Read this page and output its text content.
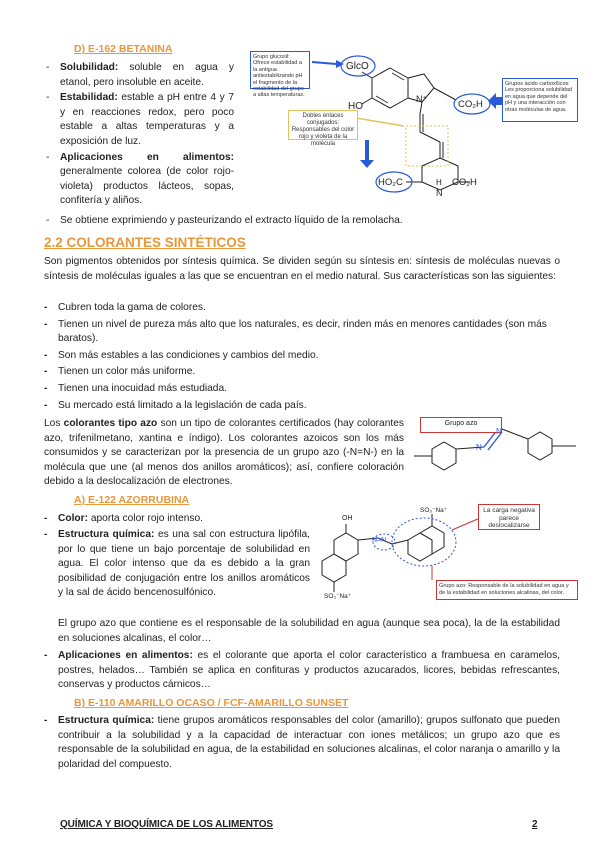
D) E-162 BETANINA
-	Solubilidad: soluble en agua y etanol, pero insoluble en aceite.
-	Estabilidad: estable a pH entre 4 y 7 y en reacciones redox, pero poco estable a altas temperaturas y a exposición de luz.
-	Aplicaciones en alimentos: generalmente colorea (de color rojo-violeta) productos lácteos, sopas, confitería y aliños.
-	Se obtiene exprimiendo y pasteurizando el extracto líquido de la remolacha.
Grupo glucosil: Ofrece estabilidad a la antigua antiestabilizando pH el fragmento de la estabilidad del grupo a altas temperaturas.
Dobles enlaces conjugados: Responsables del color rojo y violeta de la molécula
Grupos ácido carboxílicos: Les proporciona solubilidad en agua que depende del pH y una interacción con otras moléculas de agua.
GlcO
HO
N⁺	CO₂H
HO₂C
N
H CO₂H
2.2 COLORANTES SINTÉTICOS
Son pigmentos obtenidos por síntesis química. Se dividen según su síntesis en: síntesis de moléculas nuevas o síntesis de moléculas iguales a las que se encuentran en el medio natural. Sus características son las siguientes:
-	Cubren toda la gama de colores.
-	Tienen un nivel de pureza más alto que los naturales, es decir, rinden más en menores cantidades (son más baratos).
-	Son más estables a las condiciones y cambios del medio.
-	Tienen un color más uniforme.
-	Tienen una inocuidad más estudiada.
-	Su mercado está limitado a la legislación de cada país.
Los colorantes tipo azo son un tipo de colorantes certificados (hay colorantes azo, trifenilmetano, xantina e índigo). Los colorantes azoicos son los más consumidos y se caracterizan por la presencia de un grupo azo (-N=N-) en la molécula que une (al menos dos anillos aromáticos); así, confiere coloración debido a la deslocalización de electrones.
Grupo azo
N
N
A) E-122 AZORRUBINA
-	Color: aporta color rojo intenso.
-	Estructura química: es una sal con estructura lipófila, por lo que tiene un bajo porcentaje de solubilidad en agua. El color intenso que da es debido a la gran posibilidad de conjugación entre los anillos aromáticos y la sal de ácido bencenosulfónico.
OH
N=N
SO₃⁻Na⁺
SO₃⁻Na⁺	La carga negativa parece deslocalizarse
Grupo azo: Responsable de la solubilidad en agua y de la estabilidad en soluciones alcalinas, del color.
El grupo azo que contiene es el responsable de la solubilidad en agua (aunque sea poca), la de la estabilidad en soluciones alcalinas, el color…
-	Aplicaciones en alimentos: es el colorante que aporta el color característico a frambuesa en caramelos, postres, helados… También se aplica en confituras y productos azucarados, licores, bebidas refrescantes, conservas y productos cárnicos…
B) E-110 AMARILLO OCASO / FCF-AMARILLO SUNSET
-	Estructura química: tiene grupos aromáticos responsables del color (amarillo); grupos sulfonato que pueden contribuir a la solubilidad y a la capacidad de interactuar con iones metálicos; un grupo azo que es responsable de la solubilidad en agua, de la estabilidad en soluciones alcalinas, el color naranja o amarillo y la polaridad del compuesto.
QUÍMICA Y BIOQUÍMICA DE LOS ALIMENTOS	2
